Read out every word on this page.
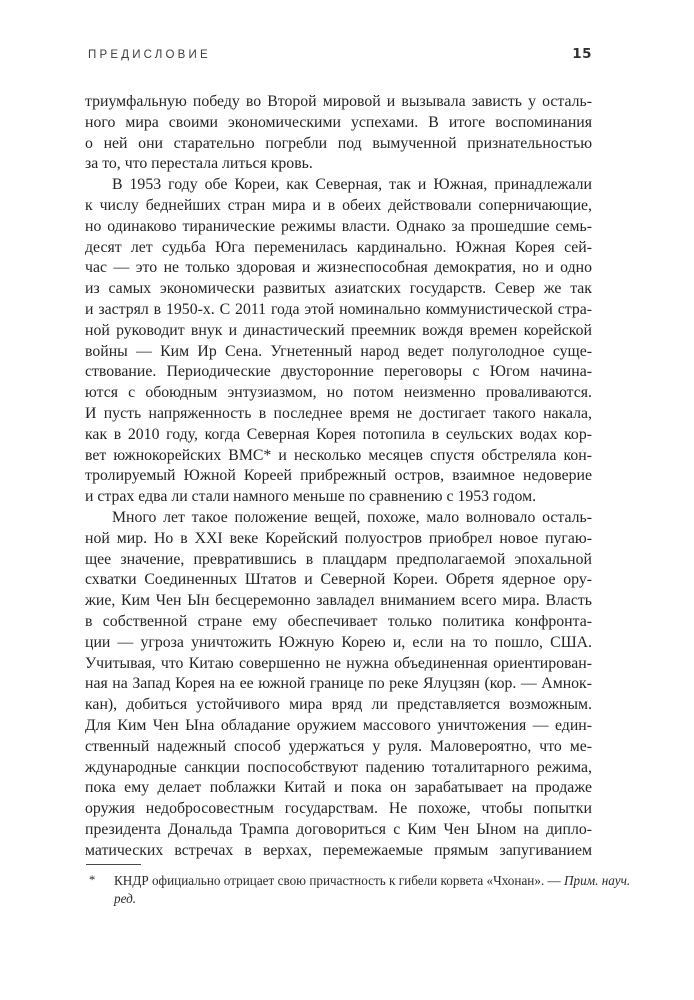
ПРЕДИСЛОВИЕ	15

триумфальную победу во Второй мировой и вызывала зависть у осталь-
ного мира своими экономическими успехами. В итоге воспоминания
о ней они старательно погребли под вымученной признательностью
за то, что перестала литься кровь.

В 1953 году обе Кореи, как Северная, так и Южная, принадлежали
к числу беднейших стран мира и в обеих действовали соперничающие,
но одинаково тиранические режимы власти. Однако за прошедшие семь-
десят лет судьба Юга переменилась кардинально. Южная Корея сей-
час — это не только здоровая и жизнеспособная демократия, но и одно
из самых экономически развитых азиатских государств. Север же так
и застрял в 1950-х. С 2011 года этой номинально коммунистической стра-
ной руководит внук и династический преемник вождя времен корейской
войны — Ким Ир Сена. Угнетенный народ ведет полуголодное суще-
ствование. Периодические двусторонние переговоры с Югом начина-
ются с обоюдным энтузиазмом, но потом неизменно проваливаются.
И пусть напряженность в последнее время не достигает такого накала,
как в 2010 году, когда Северная Корея потопила в сеульских водах кор-
вет южнокорейских ВМС* и несколько месяцев спустя обстреляла кон-
тролируемый Южной Кореей прибрежный остров, взаимное недоверие
и страх едва ли стали намного меньше по сравнению с 1953 годом.

Много лет такое положение вещей, похоже, мало волновало осталь-
ной мир. Но в XXI веке Корейский полуостров приобрел новое пугаю-
щее значение, превратившись в плацдарм предполагаемой эпохальной
схватки Соединенных Штатов и Северной Кореи. Обретя ядерное ору-
жие, Ким Чен Ын бесцеремонно завладел вниманием всего мира. Власть
в собственной стране ему обеспечивает только политика конфронта-
ции — угроза уничтожить Южную Корею и, если на то пошло, США.
Учитывая, что Китаю совершенно не нужна объединенная ориентирован-
ная на Запад Корея на ее южной границе по реке Ялуцзян (кор. — Амнок-
кан), добиться устойчивого мира вряд ли представляется возможным.
Для Ким Чен Ына обладание оружием массового уничтожения — един-
ственный надежный способ удержаться у руля. Маловероятно, что ме-
ждународные санкции поспособствуют падению тоталитарного режима,
пока ему делает поблажки Китай и пока он зарабатывает на продаже
оружия недобросовестным государствам. Не похоже, чтобы попытки
президента Дональда Трампа договориться с Ким Чен Ыном на дипло-
матических встречах в верхах, перемежаемые прямым запугиванием

* КНДР официально отрицает свою причастность к гибели корвета «Чхонан». — Прим. науч.
ред.
